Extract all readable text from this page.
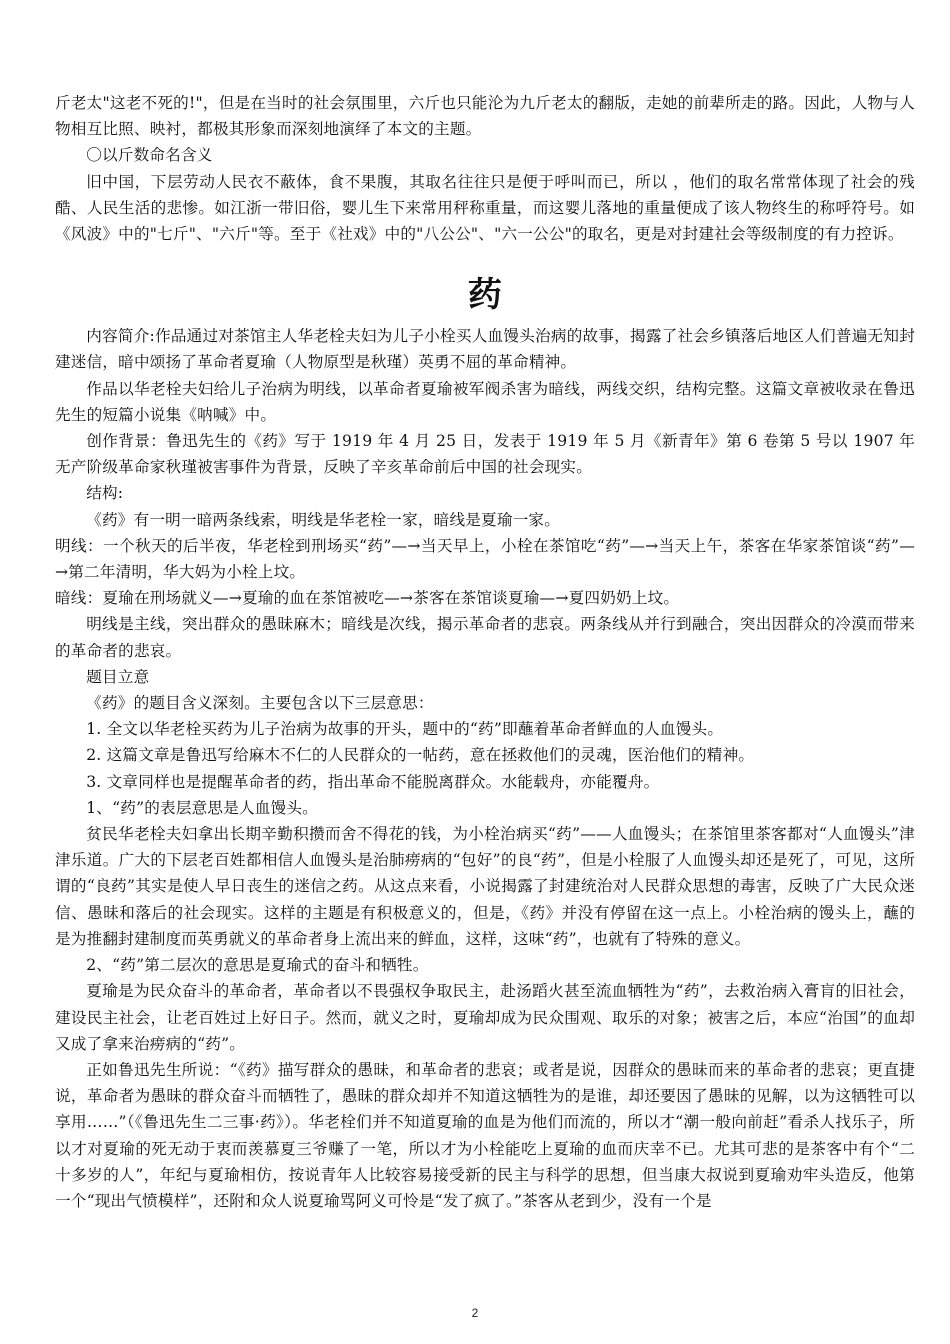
斤老太"这老不死的!"，但是在当时的社会氛围里，六斤也只能沦为九斤老太的翻版，走她的前辈所走的路。因此，人物与人物相互比照、映衬，都极其形象而深刻地演绎了本文的主题。

〇以斤数命名含义

旧中国，下层劳动人民衣不蔽体，食不果腹，其取名往往只是便于呼叫而已，所以 ，他们的取名常常体现了社会的残酷、人民生活的悲惨。如江浙一带旧俗，婴儿生下来常用秤称重量，而这婴儿落地的重量便成了该人物终生的称呼符号。如《风波》中的"七斤"、"六斤"等。至于《社戏》中的"八公公"、"六一公公"的取名，更是对封建社会等级制度的有力控诉。

药

内容简介:作品通过对茶馆主人华老栓夫妇为儿子小栓买人血馒头治病的故事，揭露了社会乡镇落后地区人们普遍无知封建迷信，暗中颂扬了革命者夏瑜（人物原型是秋瑾）英勇不屈的革命精神。

作品以华老栓夫妇给儿子治病为明线，以革命者夏瑜被军阀杀害为暗线，两线交织，结构完整。这篇文章被收录在鲁迅先生的短篇小说集《呐喊》中。

创作背景：鲁迅先生的《药》写于 1919 年 4 月 25 日，发表于 1919 年 5 月《新青年》第 6 卷第 5 号以 1907 年无产阶级革命家秋瑾被害事件为背景，反映了辛亥革命前后中国的社会现实。

结构:

《药》有一明一暗两条线索，明线是华老栓一家，暗线是夏瑜一家。

明线：一个秋天的后半夜，华老栓到刑场买“药”—→当天早上，小栓在茶馆吃“药”—→当天上午，茶客在华家茶馆谈“药”—→第二年清明，华大妈为小栓上坟。

暗线：夏瑜在刑场就义—→夏瑜的血在茶馆被吃—→茶客在茶馆谈夏瑜—→夏四奶奶上坟。

明线是主线，突出群众的愚昧麻木；暗线是次线，揭示革命者的悲哀。两条线从并行到融合，突出因群众的冷漠而带来的革命者的悲哀。

题目立意

《药》的题目含义深刻。主要包含以下三层意思：

1. 全文以华老栓买药为儿子治病为故事的开头，题中的“药”即蘸着革命者鲜血的人血馒头。

2. 这篇文章是鲁迅写给麻木不仁的人民群众的一帖药，意在拯救他们的灵魂，医治他们的精神。

3. 文章同样也是提醒革命者的药，指出革命不能脱离群众。水能载舟，亦能覆舟。

1、“药”的表层意思是人血馒头。

贫民华老栓夫妇拿出长期辛勤积攒而舍不得花的钱，为小栓治病买“药”——人血馒头；在茶馆里茶客都对“人血馒头”津津乐道。广大的下层老百姓都相信人血馒头是治肺痨病的“包好”的良“药”，但是小栓服了人血馒头却还是死了，可见，这所谓的“良药”其实是使人早日丧生的迷信之药。从这点来看，小说揭露了封建统治对人民群众思想的毒害，反映了广大民众迷信、愚昧和落后的社会现实。这样的主题是有积极意义的，但是，《药》并没有停留在这一点上。小栓治病的馒头上，蘸的是为推翻封建制度而英勇就义的革命者身上流出来的鲜血，这样，这味“药”，也就有了特殊的意义。

2、“药”第二层次的意思是夏瑜式的奋斗和牺牲。

夏瑜是为民众奋斗的革命者，革命者以不畏强权争取民主，赴汤蹈火甚至流血牺牲为“药”，去救治病入膏肓的旧社会，建设民主社会，让老百姓过上好日子。然而，就义之时，夏瑜却成为民众围观、取乐的对象；被害之后，本应“治国”的血却又成了拿来治痨病的“药”。

正如鲁迅先生所说：“《药》描写群众的愚昧，和革命者的悲哀；或者是说，因群众的愚昧而来的革命者的悲哀；更直捷说，革命者为愚昧的群众奋斗而牺牲了，愚昧的群众却并不知道这牺牲为的是谁，却还要因了愚昧的见解，以为这牺牲可以享用……”（《鲁迅先生二三事·药》）。华老栓们并不知道夏瑜的血是为他们而流的，所以才“潮一般向前赶”看杀人找乐子，所以才对夏瑜的死无动于衷而羡慕夏三爷赚了一笔，所以才为小栓能吃上夏瑜的血而庆幸不已。尤其可悲的是茶客中有个“二十多岁的人”，年纪与夏瑜相仿，按说青年人比较容易接受新的民主与科学的思想，但当康大叔说到夏瑜劝牢头造反，他第一个“现出气愤模样”，还附和众人说夏瑜骂阿义可怜是“发了疯了。”茶客从老到少，没有一个是

2
